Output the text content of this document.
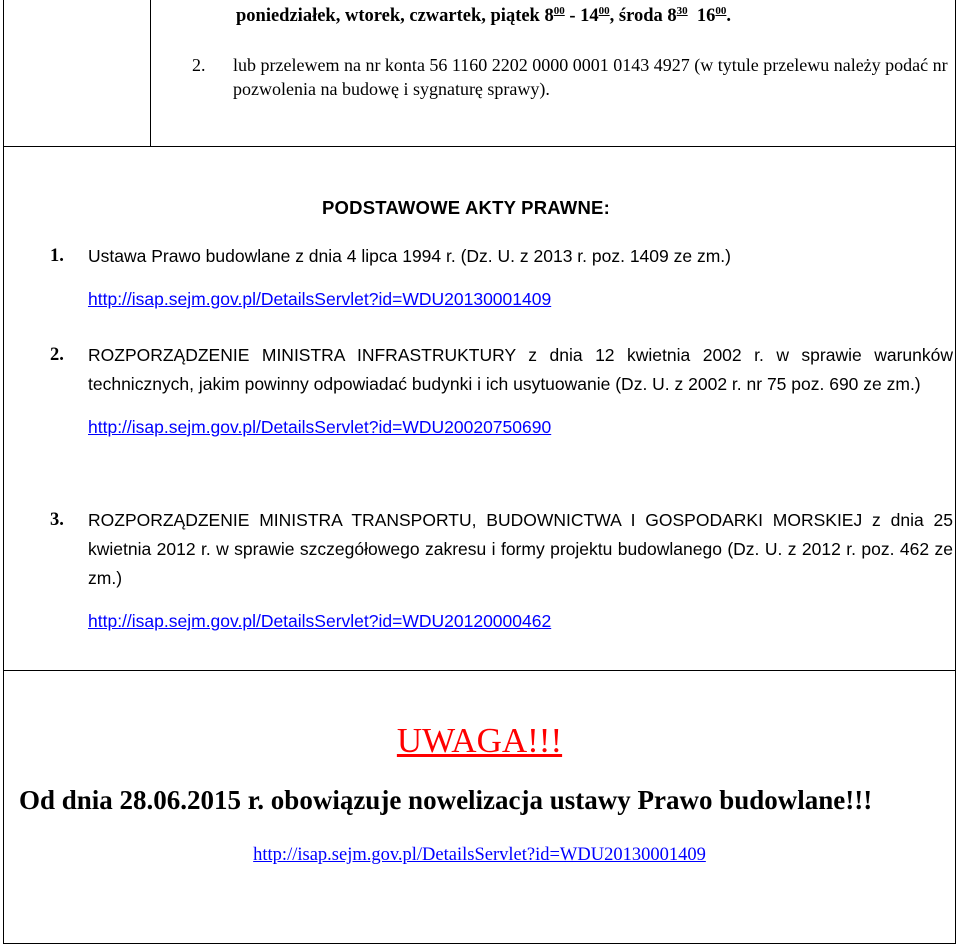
poniedziałek, wtorek, czwartek, piątek $8^{00} - 14^{00}$, środa $8^{30}$  $16^{00}$.
2. lub przelewem na nr konta 56 1160 2202 0000 0001 0143 4927 (w tytule przelewu należy podać nr pozwolenia na budowę i sygnaturę sprawy).
PODSTAWOWE AKTY PRAWNE:
1. Ustawa Prawo budowlane z dnia 4 lipca 1994 r. (Dz. U. z 2013 r. poz. 1409 ze zm.)
http://isap.sejm.gov.pl/DetailsServlet?id=WDU20130001409
2. ROZPORZĄDZENIE MINISTRA INFRASTRUKTURY z dnia 12 kwietnia 2002 r. w sprawie warunków technicznych, jakim powinny odpowiadać budynki i ich usytuowanie (Dz. U. z 2002 r. nr 75 poz. 690 ze zm.)
http://isap.sejm.gov.pl/DetailsServlet?id=WDU20020750690
3. ROZPORZĄDZENIE MINISTRA TRANSPORTU, BUDOWNICTWA I GOSPODARKI MORSKIEJ z dnia 25 kwietnia 2012 r. w sprawie szczegółowego zakresu i formy projektu budowlanego (Dz. U. z 2012 r. poz. 462 ze zm.)
http://isap.sejm.gov.pl/DetailsServlet?id=WDU20120000462
UWAGA!!!
Od dnia 28.06.2015 r. obowiązuje nowelizacja ustawy Prawo budowlane!!!
http://isap.sejm.gov.pl/DetailsServlet?id=WDU20130001409
